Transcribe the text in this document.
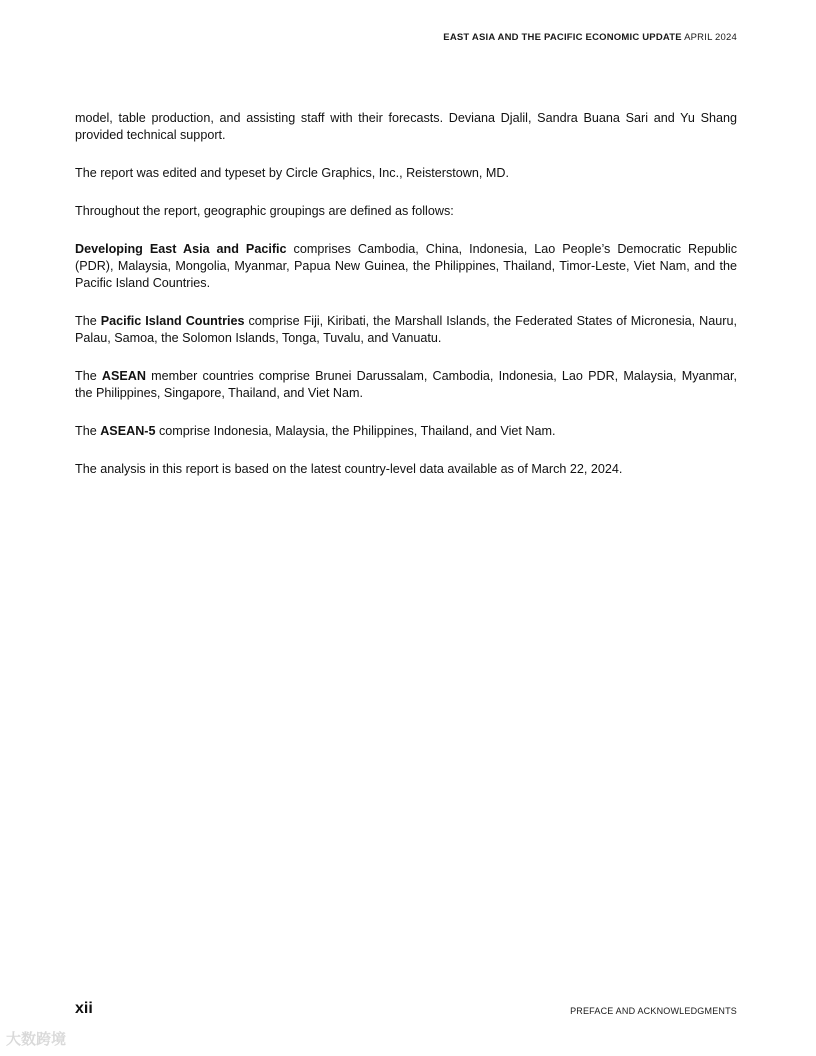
EAST ASIA AND THE PACIFIC ECONOMIC UPDATE APRIL 2024

model, table production, and assisting staff with their forecasts. Deviana Djalil, Sandra Buana Sari and Yu Shang provided technical support.

The report was edited and typeset by Circle Graphics, Inc., Reisterstown, MD.

Throughout the report, geographic groupings are defined as follows:

Developing East Asia and Pacific comprises Cambodia, China, Indonesia, Lao People’s Democratic Republic (PDR), Malaysia, Mongolia, Myanmar, Papua New Guinea, the Philippines, Thailand, Timor-Leste, Viet Nam, and the Pacific Island Countries.

The Pacific Island Countries comprise Fiji, Kiribati, the Marshall Islands, the Federated States of Micronesia, Nauru, Palau, Samoa, the Solomon Islands, Tonga, Tuvalu, and Vanuatu.

The ASEAN member countries comprise Brunei Darussalam, Cambodia, Indonesia, Lao PDR, Malaysia, Myanmar, the Philippines, Singapore, Thailand, and Viet Nam.

The ASEAN-5 comprise Indonesia, Malaysia, the Philippines, Thailand, and Viet Nam.

The analysis in this report is based on the latest country-level data available as of March 22, 2024.

xii	PREFACE AND ACKNOWLEDGMENTS
大数跨境
